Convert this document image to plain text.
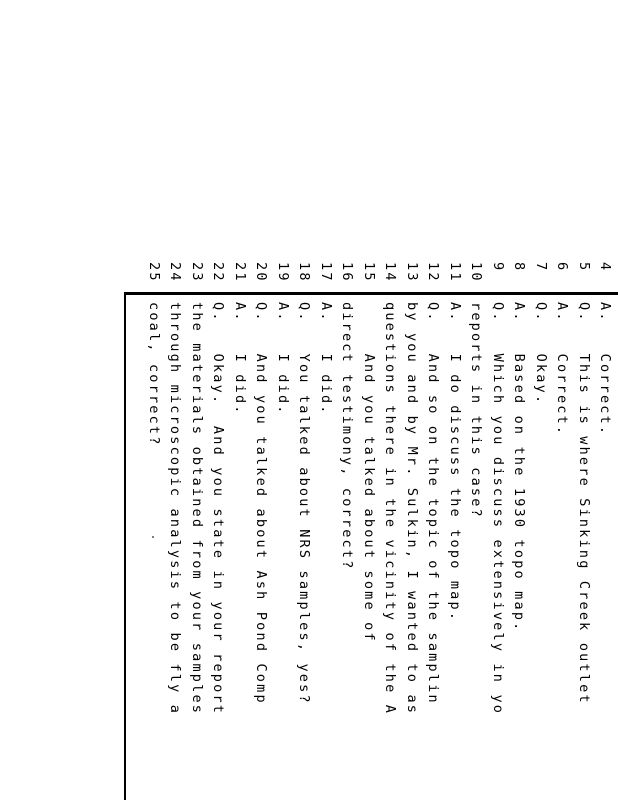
4
A.   Correct.
5
Q.   This is where Sinking Creek outlet
6
A.   Correct.
7
Q.   Okay.
8
A.   Based on the 1930 topo map.
9
Q.   Which you discuss extensively in yo
10
reports in this case?
11
A.   I do discuss the topo map.
12
Q.   And so on the topic of the samplin
13
by you and by Mr. Sulkin, I wanted to as
14
questions there in the vicinity of the A
15
And you talked about some of
16
direct testimony, correct?
17
A.   I did.
18
Q.   You talked about NRS samples, yes?
19
A.   I did.
20
Q.   And you talked about Ash Pond Comp
21
A.   I did.
22
Q.   Okay.  And you state in your report
23
the materials obtained from your samples
24
through microscopic analysis to be fly a
25
coal, correct?
